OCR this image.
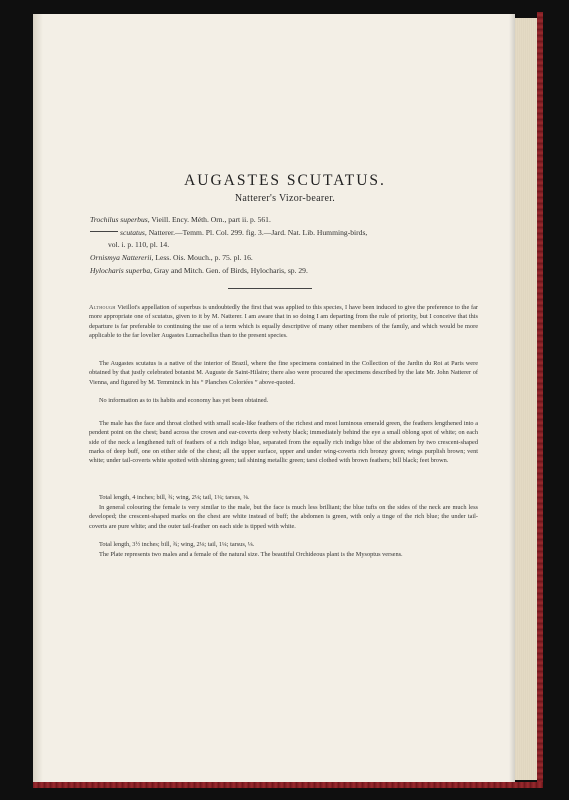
AUGASTES SCUTATUS.
Natterer's Vizor-bearer.
Trochilus superbus, Vieill. Ency. Méth. Orn., part ii. p. 561.
scutatus, Natterer.—Temm. Pl. Col. 299. fig. 3.—Jard. Nat. Lib. Humming-birds,
vol. i. p. 110, pl. 14.
Ornismya Nattererii, Less. Ois. Mouch., p. 75. pl. 16.
Hylocharis superba, Gray and Mitch. Gen. of Birds, Hylocharis, sp. 29.

Although Vieillot's appellation of superbus is undoubtedly the first that was applied to this species, I have been induced to give the preference to the far more appropriate one of scutatus, given to it by M. Natterer. I am aware that in so doing I am departing from the rule of priority, but I conceive that this departure is far preferable to continuing the use of a term which is equally descriptive of many other members of the family, and which would be more applicable to the far lovelier Augastes Lumachellus than to the present species.

The Augastes scutatus is a native of the interior of Brazil, where the fine specimens contained in the Collection of the Jardin du Roi at Paris were obtained by that justly celebrated botanist M. Auguste de Saint-Hilaire; there also were procured the specimens described by the late Mr. John Natterer of Vienna, and figured by M. Temminck in his “ Planches Coloriées ” above-quoted.

No information as to its habits and economy has yet been obtained.

The male has the face and throat clothed with small scale-like feathers of the richest and most luminous emerald green, the feathers lengthened into a pendent point on the chest; band across the crown and ear-coverts deep velvety black; immediately behind the eye a small oblong spot of white; on each side of the neck a lengthened tuft of feathers of a rich indigo blue, separated from the equally rich indigo blue of the abdomen by two crescent-shaped marks of deep buff, one on either side of the chest; all the upper surface, upper and under wing-coverts rich bronzy green; wings purplish brown; vent white; under tail-coverts white spotted with shining green; tail shining metallic green; tarsi clothed with brown feathers; bill black; feet brown.

Total length, 4 inches; bill, ¾; wing, 2⅛; tail, 1¼; tarsus, ⅛.

In general colouring the female is very similar to the male, but the face is much less brilliant; the blue tufts on the sides of the neck are much less developed; the crescent-shaped marks on the chest are white instead of buff; the abdomen is green, with only a tinge of the rich blue; the under tail-coverts are pure white; and the outer tail-feather on each side is tipped with white.

Total length, 3½ inches; bill, ¾; wing, 2⅛; tail, 1¼; tarsus, ⅛.

The Plate represents two males and a female of the natural size. The beautiful Orchideous plant is the Mysoptus versens.
